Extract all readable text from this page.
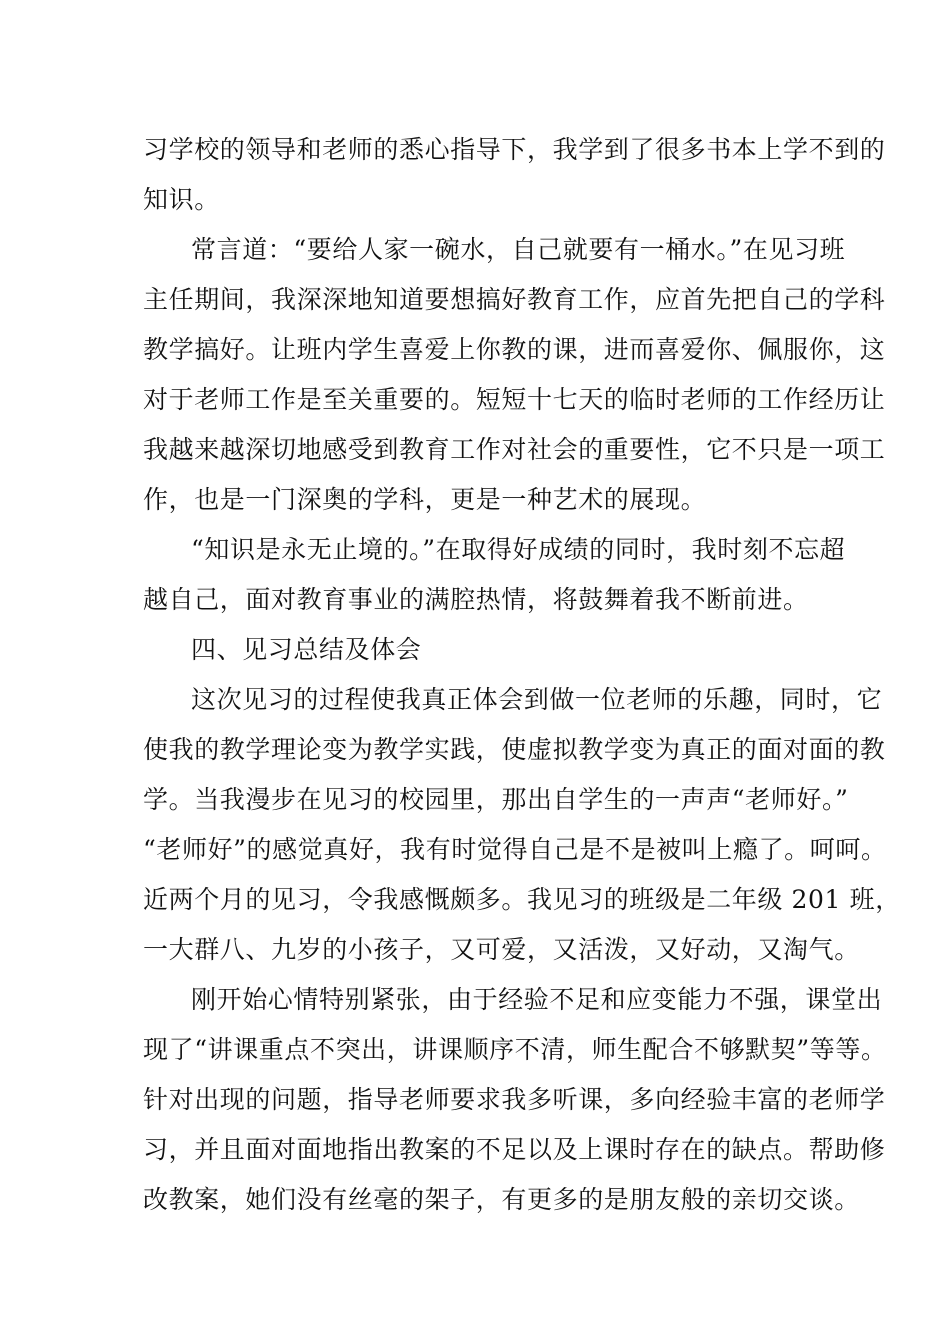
习学校的领导和老师的悉心指导下，我学到了很多书本上学不到的
知识。
常言道：“要给人家一碗水，自己就要有一桶水。”在见习班
主任期间，我深深地知道要想搞好教育工作，应首先把自己的学科
教学搞好。让班内学生喜爱上你教的课，进而喜爱你、佩服你，这
对于老师工作是至关重要的。短短十七天的临时老师的工作经历让
我越来越深切地感受到教育工作对社会的重要性，它不只是一项工
作，也是一门深奥的学科，更是一种艺术的展现。
“知识是永无止境的。”在取得好成绩的同时，我时刻不忘超
越自己，面对教育事业的满腔热情，将鼓舞着我不断前进。
四、见习总结及体会
这次见习的过程使我真正体会到做一位老师的乐趣，同时，它
使我的教学理论变为教学实践，使虚拟教学变为真正的面对面的教
学。当我漫步在见习的校园里，那出自学生的一声声“老师好。”
“老师好”的感觉真好，我有时觉得自己是不是被叫上瘾了。呵呵。
近两个月的见习，令我感慨颇多。我见习的班级是二年级 201 班，
一大群八、九岁的小孩子，又可爱，又活泼，又好动，又淘气。
刚开始心情特别紧张，由于经验不足和应变能力不强，课堂出
现了“讲课重点不突出，讲课顺序不清，师生配合不够默契”等等。
针对出现的问题，指导老师要求我多听课，多向经验丰富的老师学
习，并且面对面地指出教案的不足以及上课时存在的缺点。帮助修
改教案，她们没有丝毫的架子，有更多的是朋友般的亲切交谈。
